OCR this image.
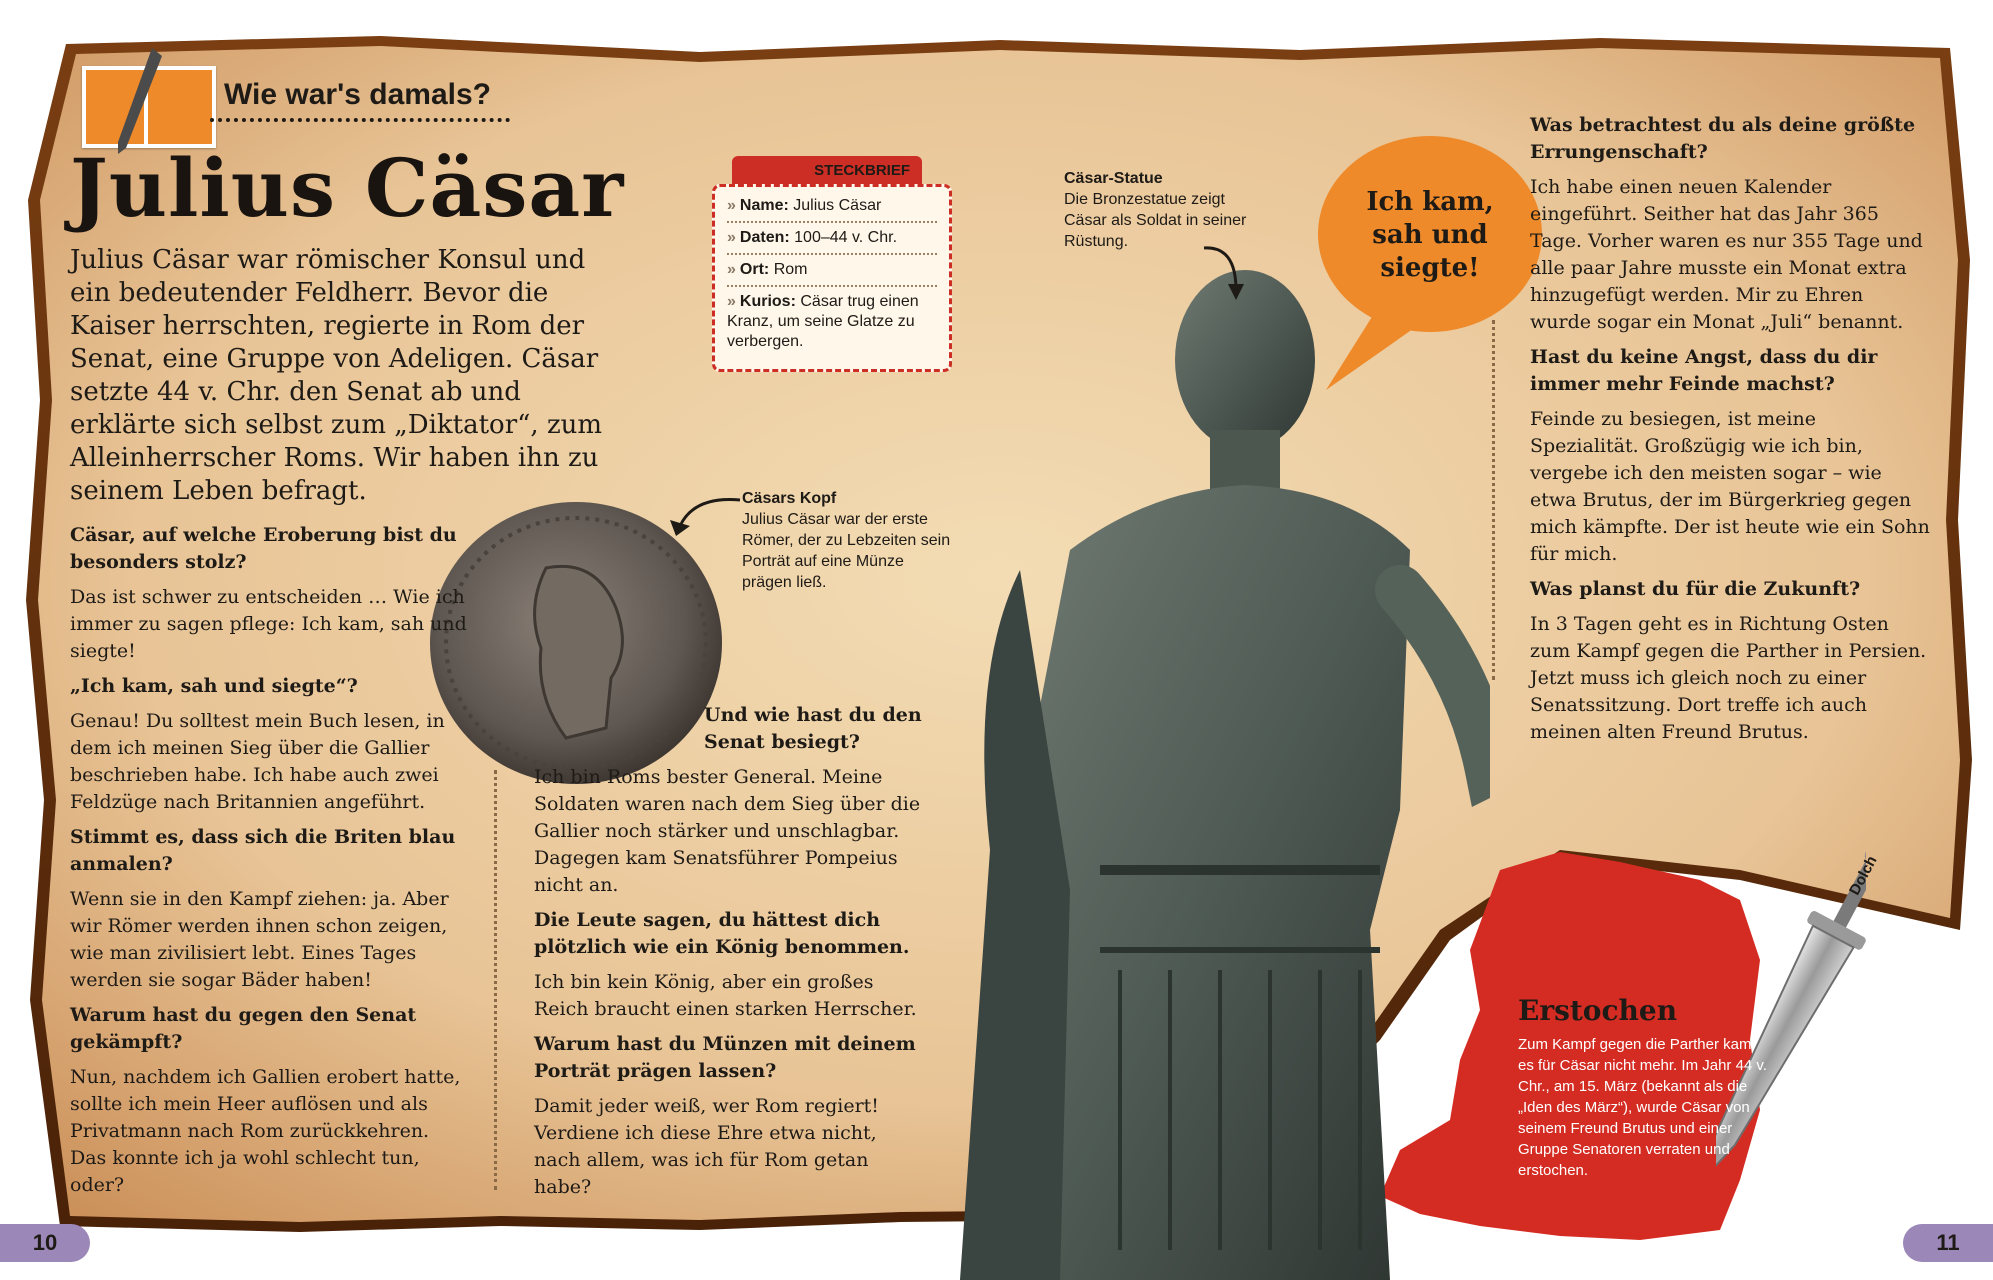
Wie war's damals?
Julius Cäsar
Julius Cäsar war römischer Konsul und ein bedeutender Feldherr. Bevor die Kaiser herrschten, regierte in Rom der Senat, eine Gruppe von Adeligen. Cäsar setzte 44 v. Chr. den Senat ab und erklärte sich selbst zum „Diktator“, zum Alleinherrscher Roms. Wir haben ihn zu seinem Leben befragt.
STECKBRIEF
» Name: Julius Cäsar
» Daten: 100–44 v. Chr.
» Ort: Rom
» Kurios: Cäsar trug einen Kranz, um seine Glatze zu verbergen.
Cäsar-Statue
Die Bronzestatue zeigt Cäsar als Soldat in seiner Rüstung.
Ich kam, sah und siegte!
Cäsars Kopf
Julius Cäsar war der erste Römer, der zu Lebzeiten sein Porträt auf eine Münze prägen ließ.
Cäsar, auf welche Eroberung bist du besonders stolz?
Das ist schwer zu entscheiden … Wie ich immer zu sagen pflege: Ich kam, sah und siegte!
„Ich kam, sah und siegte“?
Genau! Du solltest mein Buch lesen, in dem ich meinen Sieg über die Gallier beschrieben habe. Ich habe auch zwei Feldzüge nach Britannien angeführt.
Stimmt es, dass sich die Briten blau anmalen?
Wenn sie in den Kampf ziehen: ja. Aber wir Römer werden ihnen schon zeigen, wie man zivilisiert lebt. Eines Tages werden sie sogar Bäder haben!
Warum hast du gegen den Senat gekämpft?
Nun, nachdem ich Gallien erobert hatte, sollte ich mein Heer auflösen und als Privatmann nach Rom zurückkehren. Das konnte ich ja wohl schlecht tun, oder?
Und wie hast du den Senat besiegt?
Ich bin Roms bester General. Meine Soldaten waren nach dem Sieg über die Gallier noch stärker und unschlagbar. Dagegen kam Senatsführer Pompeius nicht an.
Die Leute sagen, du hättest dich plötzlich wie ein König benommen.
Ich bin kein König, aber ein großes Reich braucht einen starken Herrscher.
Warum hast du Münzen mit deinem Porträt prägen lassen?
Damit jeder weiß, wer Rom regiert! Verdiene ich diese Ehre etwa nicht, nach allem, was ich für Rom getan habe?
Was betrachtest du als deine größte Errungenschaft?
Ich habe einen neuen Kalender eingeführt. Seither hat das Jahr 365 Tage. Vorher waren es nur 355 Tage und alle paar Jahre musste ein Monat extra hinzugefügt werden. Mir zu Ehren wurde sogar ein Monat „Juli“ benannt.
Hast du keine Angst, dass du dir immer mehr Feinde machst?
Feinde zu besiegen, ist meine Spezialität. Großzügig wie ich bin, vergebe ich den meisten sogar – wie etwa Brutus, der im Bürgerkrieg gegen mich kämpfte. Der ist heute wie ein Sohn für mich.
Was planst du für die Zukunft?
In 3 Tagen geht es in Richtung Osten zum Kampf gegen die Parther in Persien. Jetzt muss ich gleich noch zu einer Senatssitzung. Dort treffe ich auch meinen alten Freund Brutus.
Erstochen
Zum Kampf gegen die Parther kam es für Cäsar nicht mehr. Im Jahr 44 v. Chr., am 15. März (bekannt als die „Iden des März“), wurde Cäsar von seinem Freund Brutus und einer Gruppe Senatoren verraten und erstochen.
Dolch
10	11
